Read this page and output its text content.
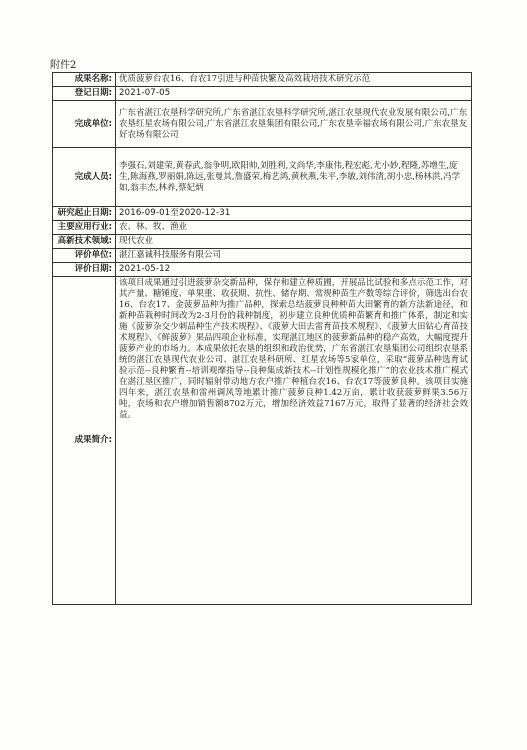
附件2
成果名称:	优质菠萝台农16、台农17引进与种苗快繁及高效栽培技术研究示范
登记日期:	2021-07-05
完成单位:	广东省湛江农垦科学研究所,广东省湛江农垦科学研究所,湛江农垦现代农业发展有限公司,广东农垦红星农场有限公司,广东省湛江农垦集团有限公司,广东农垦幸福农场有限公司,广东农垦友好农场有限公司
完成人员:	李强石,刘建荣,黄春武,翁争明,欧阳帅,刘胜利,文尚华,李康伟,程宏彪,尤小妙,程隆,苏增生,庞生,陈海燕,罗丽娟,陈远,张曼其,詹盛荣,梅艺鸿,黄秋燕,朱平,李敏,刘伟清,胡小忠,杨林洪,冯学如,翁丰杰,林养,蔡妃炳
研究起止日期:	2016-09-01至2020-12-31
主要应用行业:	农、林、牧、渔业
高新技术领域:	现代农业
评价单位:	湛江嘉诚科技服务有限公司
评价日期:	2021-05-12
成果简介:	该项目成果通过引进菠萝杂交新品种，保存和建立种质圃，开展品比试验和多点示范工作，对其产量、糖锤度、单果重、收获期、抗性、储存期、常规种苗生产数等综合评价，筛选出台农16、台农17、金菠萝品种为推广品种，探索总结菠萝良种种苗大田繁育的新方法新途径，和新种苗栽种时间改为2-3月份的栽种制度，初步建立良种优质种苗繁育和推广体系，制定和实施《菠萝杂交少刺品种生产技术规程》、《菠萝大田去雷育苗技术规程》、《菠萝大田钻心育苗技术规程》、《鲜菠萝》果品四项企业标准，实现湛江地区的菠萝新品种的稳产高效，大幅度提升菠萝产业的市场力。本成果依托农垦的组织和政治优势，广东省湛江农垦集团公司组织农垦系统的湛江农垦现代农业公司、湛江农垦科研所、红星农场等5家单位，采取“菠萝品种选育试验示范--良种繁育--培训观摩指导--良种集成新技术--计划性规模化推广”的农业技术推广模式在湛江垦区推广，同时辐射带动地方农户推广种植台农16、台农17等菠萝良种。该项目实施四年来，湛江农垦和雷州调风等地累计推广菠萝良种1.42万亩，累计收获菠萝鲜果3.56万吨，农场和农户增加销售额8702万元，增加经济效益7167万元，取得了显著的经济社会效益。
